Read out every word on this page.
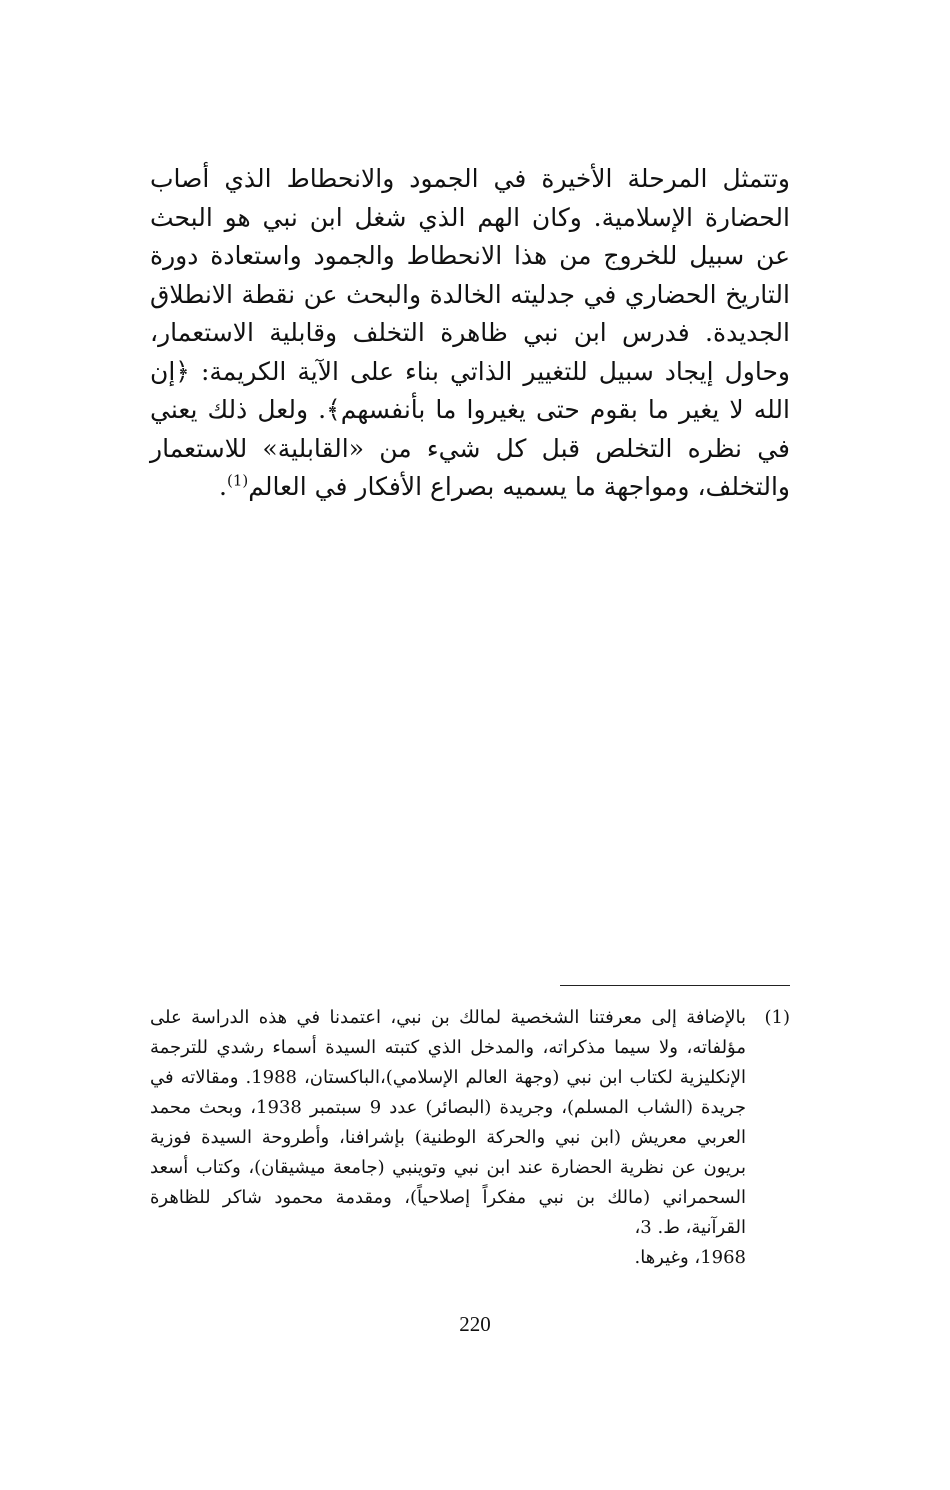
وتتمثل المرحلة الأخيرة في الجمود والانحطاط الذي أصاب الحضارة الإسلامية. وكان الهم الذي شغل ابن نبي هو البحث عن سبيل للخروج من هذا الانحطاط والجمود واستعادة دورة التاريخ الحضاري في جدليته الخالدة والبحث عن نقطة الانطلاق الجديدة. فدرس ابن نبي ظاهرة التخلف وقابلية الاستعمار، وحاول إيجاد سبيل للتغيير الذاتي بناء على الآية الكريمة: ﴿إن الله لا يغير ما بقوم حتى يغيروا ما بأنفسهم﴾. ولعل ذلك يعني في نظره التخلص قبل كل شيء من «القابلية» للاستعمار والتخلف، ومواجهة ما يسميه بصراع الأفكار في العالم$^{(1)}$.

(1)

بالإضافة إلى معرفتنا الشخصية لمالك بن نبي، اعتمدنا في هذه الدراسة على مؤلفاته، ولا سيما مذكراته، والمدخل الذي كتبته السيدة أسماء رشدي للترجمة الإنكليزية لكتاب ابن نبي (وجهة العالم الإسلامي)،الباكستان، 1988. ومقالاته في جريدة (الشاب المسلم)، وجريدة (البصائر) عدد 9 سبتمبر 1938، وبحث محمد العربي معريش (ابن نبي والحركة الوطنية) بإشرافنا، وأطروحة السيدة فوزية بريون عن نظرية الحضارة عند ابن نبي وتوينبي (جامعة ميشيقان)، وكتاب أسعد السحمراني (مالك بن نبي مفكراً إصلاحياً)، ومقدمة محمود شاكر للظاهرة القرآنية، ط. 3،

1968، وغيرها.

220
